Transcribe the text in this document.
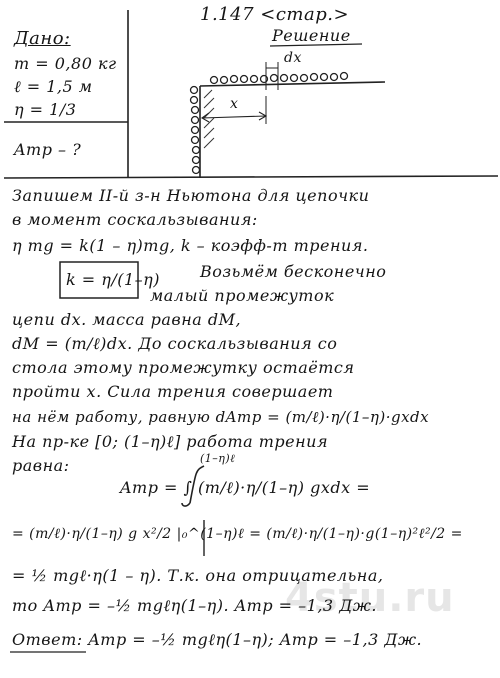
4stu.ru
1.147 <стар.>
Дано:
m = 0,80 кг
ℓ = 1,5 м
η = 1/3
Aтр – ?
Решение
dx
x
Запишем II-й з-н Ньютона для цепочки
в момент соскальзывания:
η mg = k(1 – η)mg, k – коэфф-т трения.
k = η/(1–η)	Возьмём бесконечно
малый промежуток
цепи dx. масса равна dM,
dM = (m/ℓ)dx. До соскальзывания со
стола этому промежутку остаётся
пройти x. Сила трения совершает
на нём работу, равную dAтр = (m/ℓ)·η/(1–η)·gxdx
На пр-ке [0; (1–η)ℓ] работа трения
равна:	(1–η)ℓ
Aтр = ∫ (m/ℓ)·η/(1–η) gxdx =
= (m/ℓ)·η/(1–η) g x²/2 |₀^(1–η)ℓ = (m/ℓ)·η/(1–η)·g(1–η)²ℓ²/2 =
= ½ mgℓ·η(1 – η). Т.к. она отрицательна,
то Aтр = –½ mgℓη(1–η). Aтр = –1,3 Дж.
Ответ: Aтр = –½ mgℓη(1–η); Aтр = –1,3 Дж.
